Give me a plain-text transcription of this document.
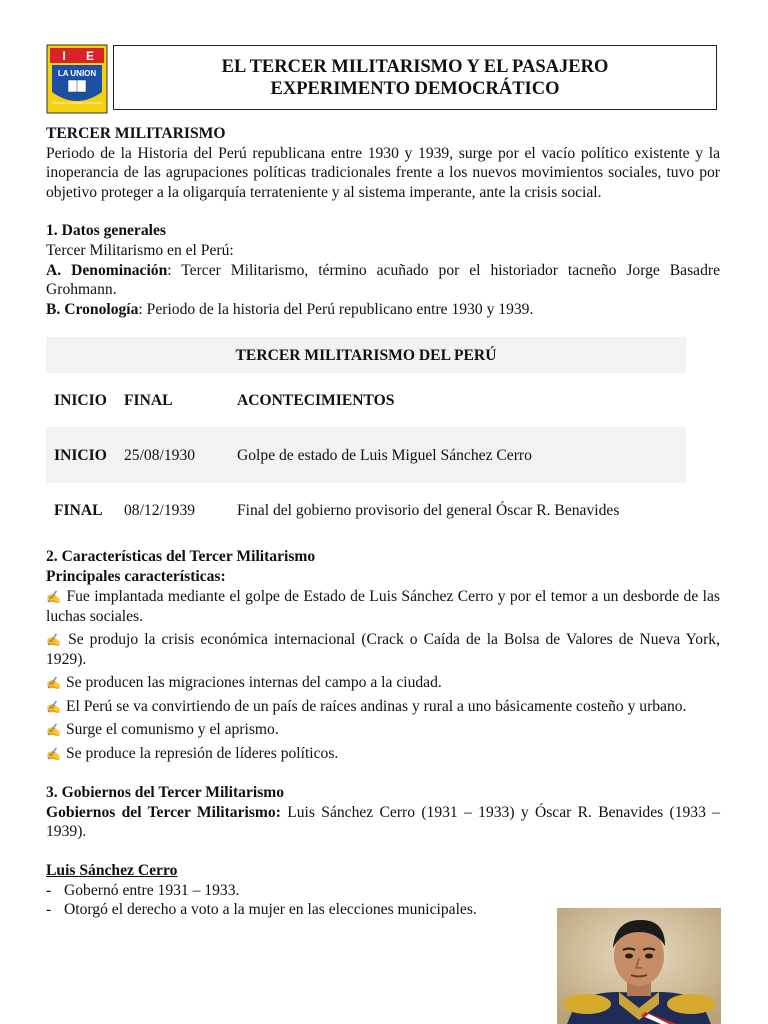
I E
LA UNION
Ciencia Decencia Concordia
EL TERCER MILITARISMO Y EL PASAJERO
EXPERIMENTO DEMOCRÁTICO

TERCER MILITARISMO

Periodo de la Historia del Perú republicana entre 1930 y 1939, surge por el vacío político existente y la inoperancia de las agrupaciones políticas tradicionales frente a los nuevos movimientos sociales, tuvo por objetivo proteger a la oligarquía terrateniente y al sistema imperante, ante la crisis social.

1. Datos generales

Tercer Militarismo en el Perú:

A. Denominación: Tercer Militarismo, término acuñado por el historiador tacneño Jorge Basadre Grohmann.

B. Cronología: Periodo de la historia del Perú republicano entre 1930 y 1939.

TERCER MILITARISMO DEL PERÚ		
INICIO	FINAL	ACONTECIMIENTOS
INICIO	25/08/1930	Golpe de estado de Luis Miguel Sánchez Cerro
FINAL	08/12/1939	Final del gobierno provisorio del general Óscar R. Benavides

2. Características del Tercer Militarismo

Principales características:

✍ Fue implantada mediante el golpe de Estado de Luis Sánchez Cerro y por el temor a un desborde de las luchas sociales.

✍ Se produjo la crisis económica internacional (Crack o Caída de la Bolsa de Valores de Nueva York, 1929).

✍ Se producen las migraciones internas del campo a la ciudad.

✍ El Perú se va convirtiendo de un país de raíces andinas y rural a uno básicamente costeño y urbano.

✍ Surge el comunismo y el aprismo.

✍ Se produce la represión de líderes políticos.

3. Gobiernos del Tercer Militarismo

Gobiernos del Tercer Militarismo: Luis Sánchez Cerro (1931 – 1933) y Óscar R. Benavides (1933 – 1939).

Luis Sánchez Cerro

- Gobernó entre 1931 – 1933.
- Otorgó el derecho a voto a la mujer en las elecciones municipales.
